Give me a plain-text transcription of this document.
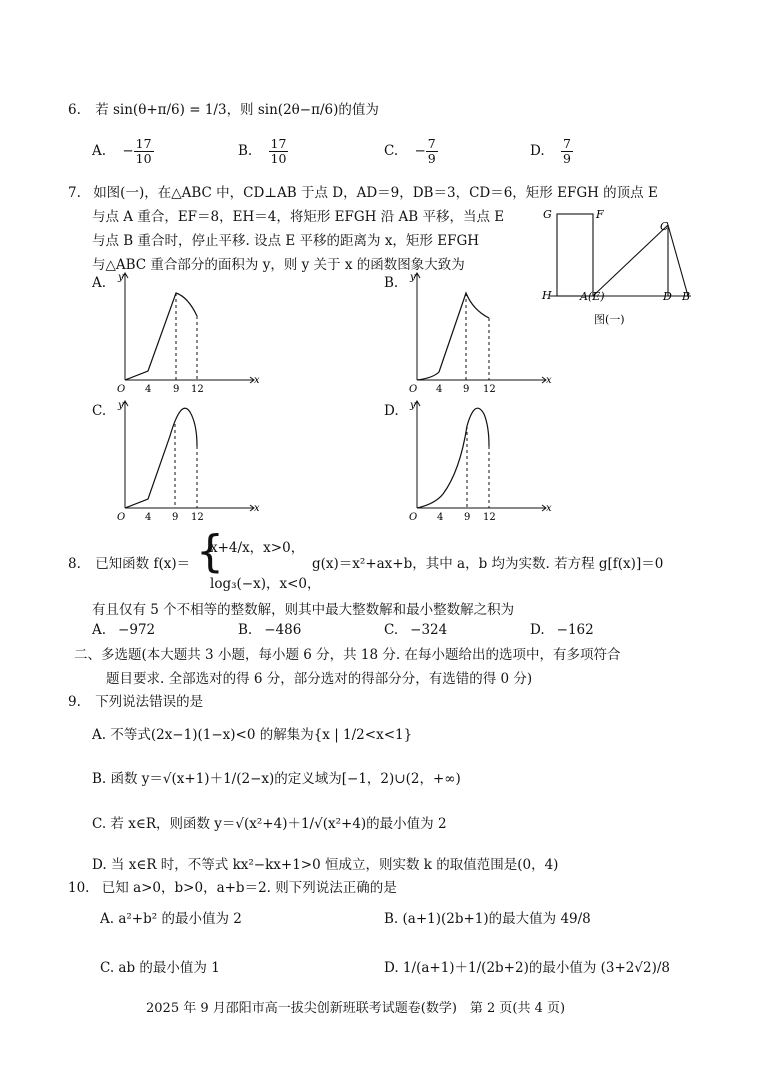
6. 若 sin(θ+π/6) = 1/3，则 sin(2θ−π/6)的值为
A. − $\frac{17}{10}$	B. $\frac{17}{10}$	C. − $\frac{7}{9}$	D. $\frac{7}{9}$
7. 如图(一)，在△ABC 中，CD⊥AB 于点 D，AD＝9，DB＝3，CD＝6，矩形 EFGH 的顶点 E
与点 A 重合，EF＝8，EH＝4，将矩形 EFGH 沿 AB 平移，当点 E
与点 B 重合时，停止平移. 设点 E 平移的距离为 x，矩形 EFGH
与△ABC 重合部分的面积为 y，则 y 关于 x 的函数图象大致为
G	F
H	A(E)	D B
C
图(一)
A. y
x
O 4 9 12
B. y
x
O 4 9 12
C. y
x
O 4 9 12
D. y
x
O 4 9 12
8. 已知函数 f(x)＝ {
x+4/x，x>0，
log₃(−x)，x<0，
g(x)＝x²+ax+b，其中 a，b 均为实数. 若方程 g[f(x)]＝0
有且仅有 5 个不相等的整数解，则其中最大整数解和最小整数解之积为
A. −972	B. −486	C. −324	D. −162
二、多选题(本大题共 3 小题，每小题 6 分，共 18 分. 在每小题给出的选项中，有多项符合
题目要求. 全部选对的得 6 分，部分选对的得部分分，有选错的得 0 分)
9. 下列说法错误的是
A. 不等式(2x−1)(1−x)<0 的解集为{x | 1/2<x<1}
B. 函数 y＝√(x+1)＋1/(2−x)的定义域为[−1，2)∪(2，+∞)
C. 若 x∈R，则函数 y＝√(x²+4)＋1/√(x²+4)的最小值为 2
D. 当 x∈R 时，不等式 kx²−kx+1>0 恒成立，则实数 k 的取值范围是(0，4)
10. 已知 a>0，b>0，a+b＝2. 则下列说法正确的是
A. a²+b² 的最小值为 2	B. (a+1)(2b+1)的最大值为 49/8
C. ab 的最小值为 1	D. 1/(a+1)＋1/(2b+2)的最小值为 (3+2√2)/8
2025 年 9 月邵阳市高一拔尖创新班联考试题卷(数学)　第 2 页(共 4 页)
